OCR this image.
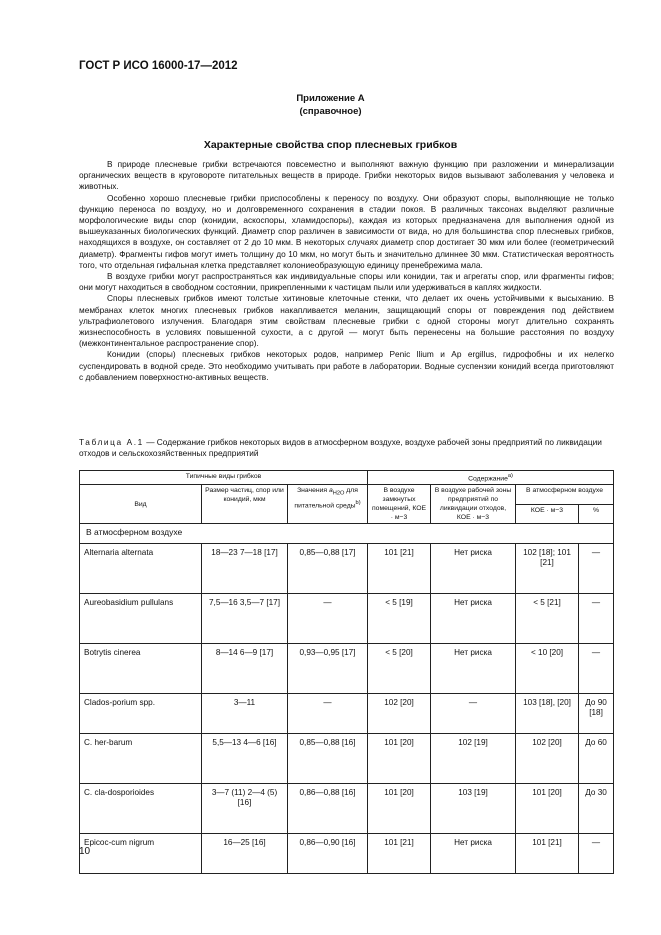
ГОСТ Р ИСО 16000-17—2012
Приложение А
(справочное)
Характерные свойства спор плесневых грибков

В природе плесневые грибки встречаются повсеместно и выполняют важную функцию при разложении и минерализации органических веществ в круговороте питательных веществ в природе. Грибки некоторых видов вызывают заболевания у человека и животных.

Особенно хорошо плесневые грибки приспособлены к переносу по воздуху. Они образуют споры, выполняющие не только функцию переноса по воздуху, но и долговременного сохранения в стадии покоя. В различных таксонах выделяют различные морфологические виды спор (конидии, аскоспоры, хламидоспоры), каждая из которых предназначена для выполнения одной из вышеуказанных биологических функций. Диаметр спор различен в зависимости от вида, но для большинства спор плесневых грибков, находящихся в воздухе, он составляет от 2 до 10 мкм. В некоторых случаях диаметр спор достигает 30 мкм или более (геометрический диаметр). Фрагменты гифов могут иметь толщину до 10 мкм, но могут быть и значительно длиннее 30 мкм. Статистическая вероятность того, что отдельная гифальная клетка представляет колониеобразующую единицу пренебрежима мала.

В воздухе грибки могут распространяться как индивидуальные споры или конидии, так и агрегаты спор, или фрагменты гифов; они могут находиться в свободном состоянии, прикрепленными к частицам пыли или удерживаться в каплях жидкости.

Споры плесневых грибков имеют толстые хитиновые клеточные стенки, что делает их очень устойчивыми к высыханию. В мембранах клеток многих плесневых грибков накапливается меланин, защищающий споры от повреждения под действием ультрафиолетового излучения. Благодаря этим свойствам плесневые грибки с одной стороны могут длительно сохранять жизнеспособность в условиях повышенной сухости, а с другой — могут быть перенесены на большие расстояния по воздуху (межконтинентальное распространение спор).

Конидии (споры) плесневых грибков некоторых родов, например Penic llium и Ap ergillus, гидрофобны и их нелегко суспендировать в водной среде. Это необходимо учитывать при работе в лаборатории. Водные суспензии конидий всегда приготовляют с добавлением поверхностно-активных веществ.

Таблица А.1 — Содержание грибков некоторых видов в атмосферном воздухе, воздухе рабочей зоны предприятий по ликвидации отходов и сельскохозяйственных предприятий
Типичные виды грибков			Содержание$^{а)}$
Вид	Размер частиц, спор или конидий, мкм	Значения $a_{H2O}$ для питательной среды$^{b)}$	В воздухе замкнутых помещений, КОЕ · м−3	В воздухе рабочей зоны предприятий по ликвидации отходов, КОЕ · м−3	В атмосферном воздухе	
					КОЕ · м−3	%
В атмосферном воздухе						
Alternaria alternata	18—23 7—18 [17]	0,85—0,88 [17]	101 [21]	Нет риска	102 [18]; 101 [21]	—
Aureobasidium pullulans	7,5—16 3,5—7 [17]	—	< 5 [19]	Нет риска	< 5 [21]	—
Botrytis cinerea	8—14 6—9 [17]	0,93—0,95 [17]	< 5 [20]	Нет риска	< 10 [20]	—
Clados-porium spp.	3—11	—	102 [20]	—	103 [18], [20]	До 90 [18]
C. her-barum	5,5—13 4—6 [16]	0,85—0,88 [16]	101 [20]	102 [19]	102 [20]	До 60
C. cla-dosporioides	3—7 (11) 2—4 (5) [16]	0,86—0,88 [16]	101 [20]	103 [19]	101 [20]	До 30
Epicoc-cum nigrum	16—25 [16]	0,86—0,90 [16]	101 [21]	Нет риска	101 [21]	—
10
